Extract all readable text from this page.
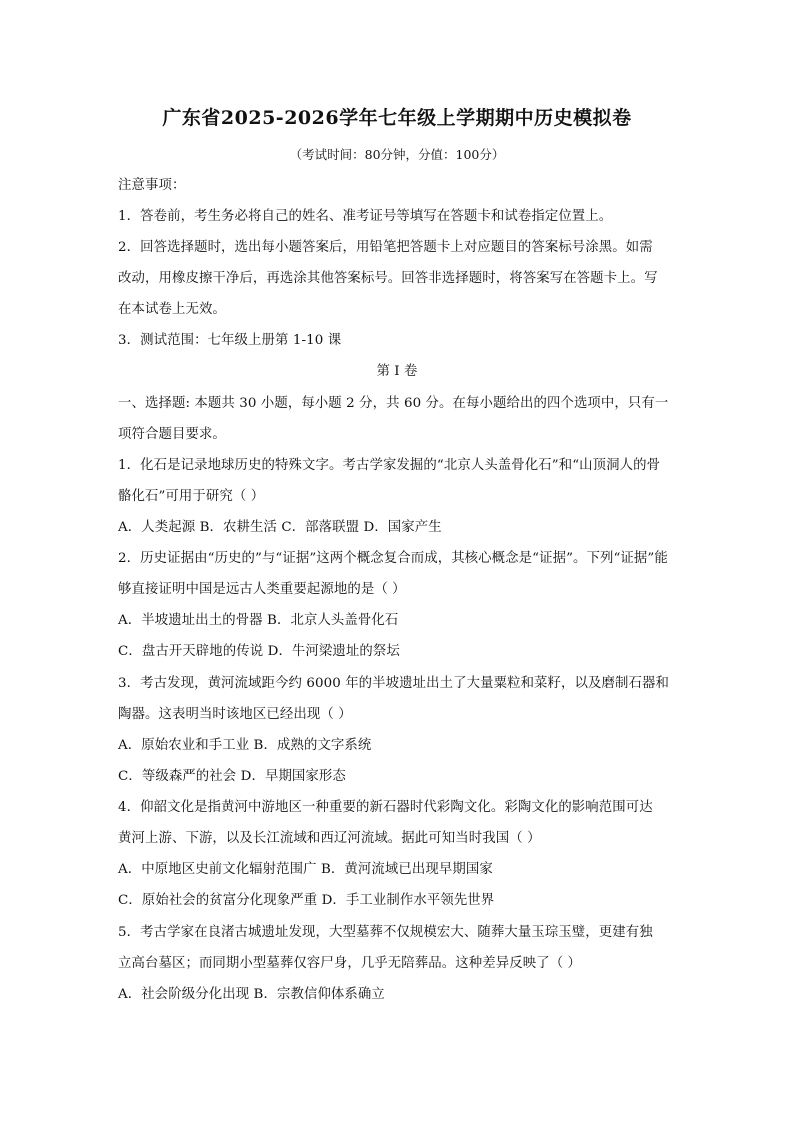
广东省2025-2026学年七年级上学期期中历史模拟卷
（考试时间：80分钟，分值：100分）
注意事项：
1．答卷前，考生务必将自己的姓名、准考证号等填写在答题卡和试卷指定位置上。
2．回答选择题时，选出每小题答案后，用铅笔把答题卡上对应题目的答案标号涂黑。如需
改动，用橡皮擦干净后，再选涂其他答案标号。回答非选择题时，将答案写在答题卡上。写
在本试卷上无效。
3．测试范围：七年级上册第 1-10 课
第 I 卷
一、选择题: 本题共 30 小题，每小题 2 分，共 60 分。在每小题给出的四个选项中，只有一
项符合题目要求。
1．化石是记录地球历史的特殊文字。考古学家发掘的“北京人头盖骨化石”和“山顶洞人的骨
骼化石”可用于研究（ ）
A．人类起源 B．农耕生活 C．部落联盟 D．国家产生
2．历史证据由“历史的”与“证据”这两个概念复合而成，其核心概念是“证据”。下列“证据”能
够直接证明中国是远古人类重要起源地的是（ ）
A．半坡遗址出土的骨器 B．北京人头盖骨化石
C．盘古开天辟地的传说 D．牛河梁遗址的祭坛
3．考古发现，黄河流域距今约 6000 年的半坡遗址出土了大量粟粒和菜籽，以及磨制石器和
陶器。这表明当时该地区已经出现（ ）
A．原始农业和手工业 B．成熟的文字系统
C．等级森严的社会 D．早期国家形态
4．仰韶文化是指黄河中游地区一种重要的新石器时代彩陶文化。彩陶文化的影响范围可达
黄河上游、下游，以及长江流域和西辽河流域。据此可知当时我国（ ）
A．中原地区史前文化辐射范围广 B．黄河流域已出现早期国家
C．原始社会的贫富分化现象严重 D．手工业制作水平领先世界
5．考古学家在良渚古城遗址发现，大型墓葬不仅规模宏大、随葬大量玉琮玉璧，更建有独
立高台墓区；而同期小型墓葬仅容尸身，几乎无陪葬品。这种差异反映了（ ）
A．社会阶级分化出现 B．宗教信仰体系确立
